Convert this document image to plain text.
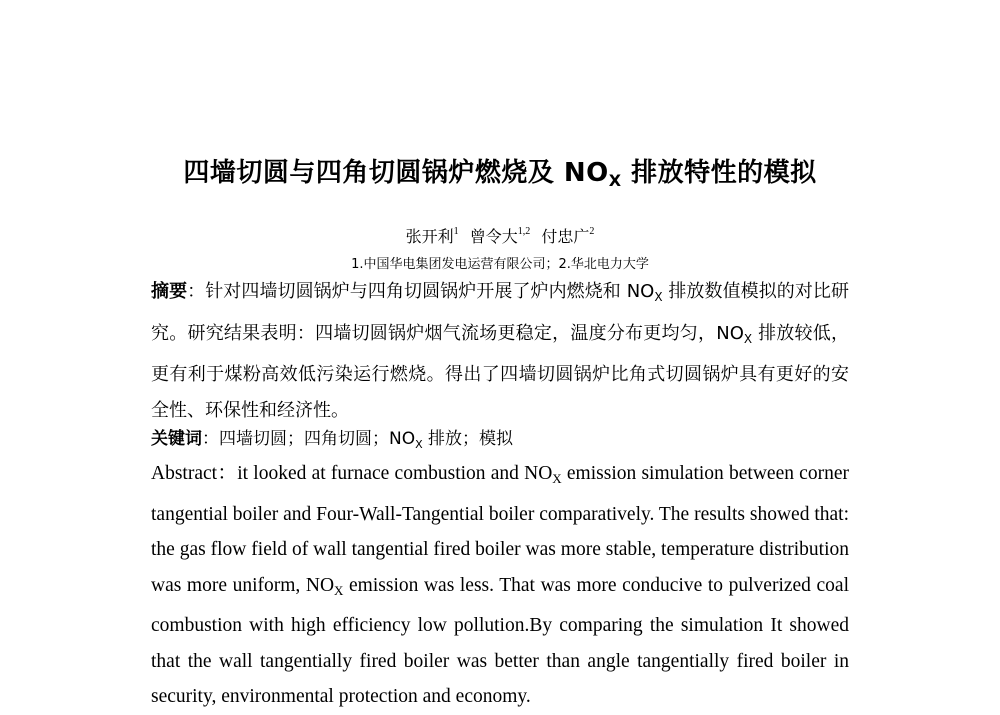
四墙切圆与四角切圆锅炉燃烧及 $NO_X$ 排放特性的模拟
张开利$^1$ 曾令大$^{1,2}$ 付忠广$^2$
1.中国华电集团发电运营有限公司；2.华北电力大学
摘要：针对四墙切圆锅炉与四角切圆锅炉开展了炉内燃烧和 $NO_X$ 排放数值模拟的对比研究。研究结果表明：四墙切圆锅炉烟气流场更稳定，温度分布更均匀，$NO_X$ 排放较低，更有利于煤粉高效低污染运行燃烧。得出了四墙切圆锅炉比角式切圆锅炉具有更好的安全性、环保性和经济性。
关键词：四墙切圆；四角切圆；$NO_X$ 排放；模拟
Abstract：it looked at furnace combustion and $NO_X$ emission simulation between corner tangential boiler and Four-Wall-Tangential boiler comparatively. The results showed that: the gas flow field of wall tangential fired boiler was more stable, temperature distribution was more uniform, $NO_X$ emission was less. That was more conducive to pulverized coal combustion with high efficiency low pollution.By comparing the simulation It showed that the wall tangentially fired boiler was better than angle tangentially fired boiler in security, environmental protection and economy.
